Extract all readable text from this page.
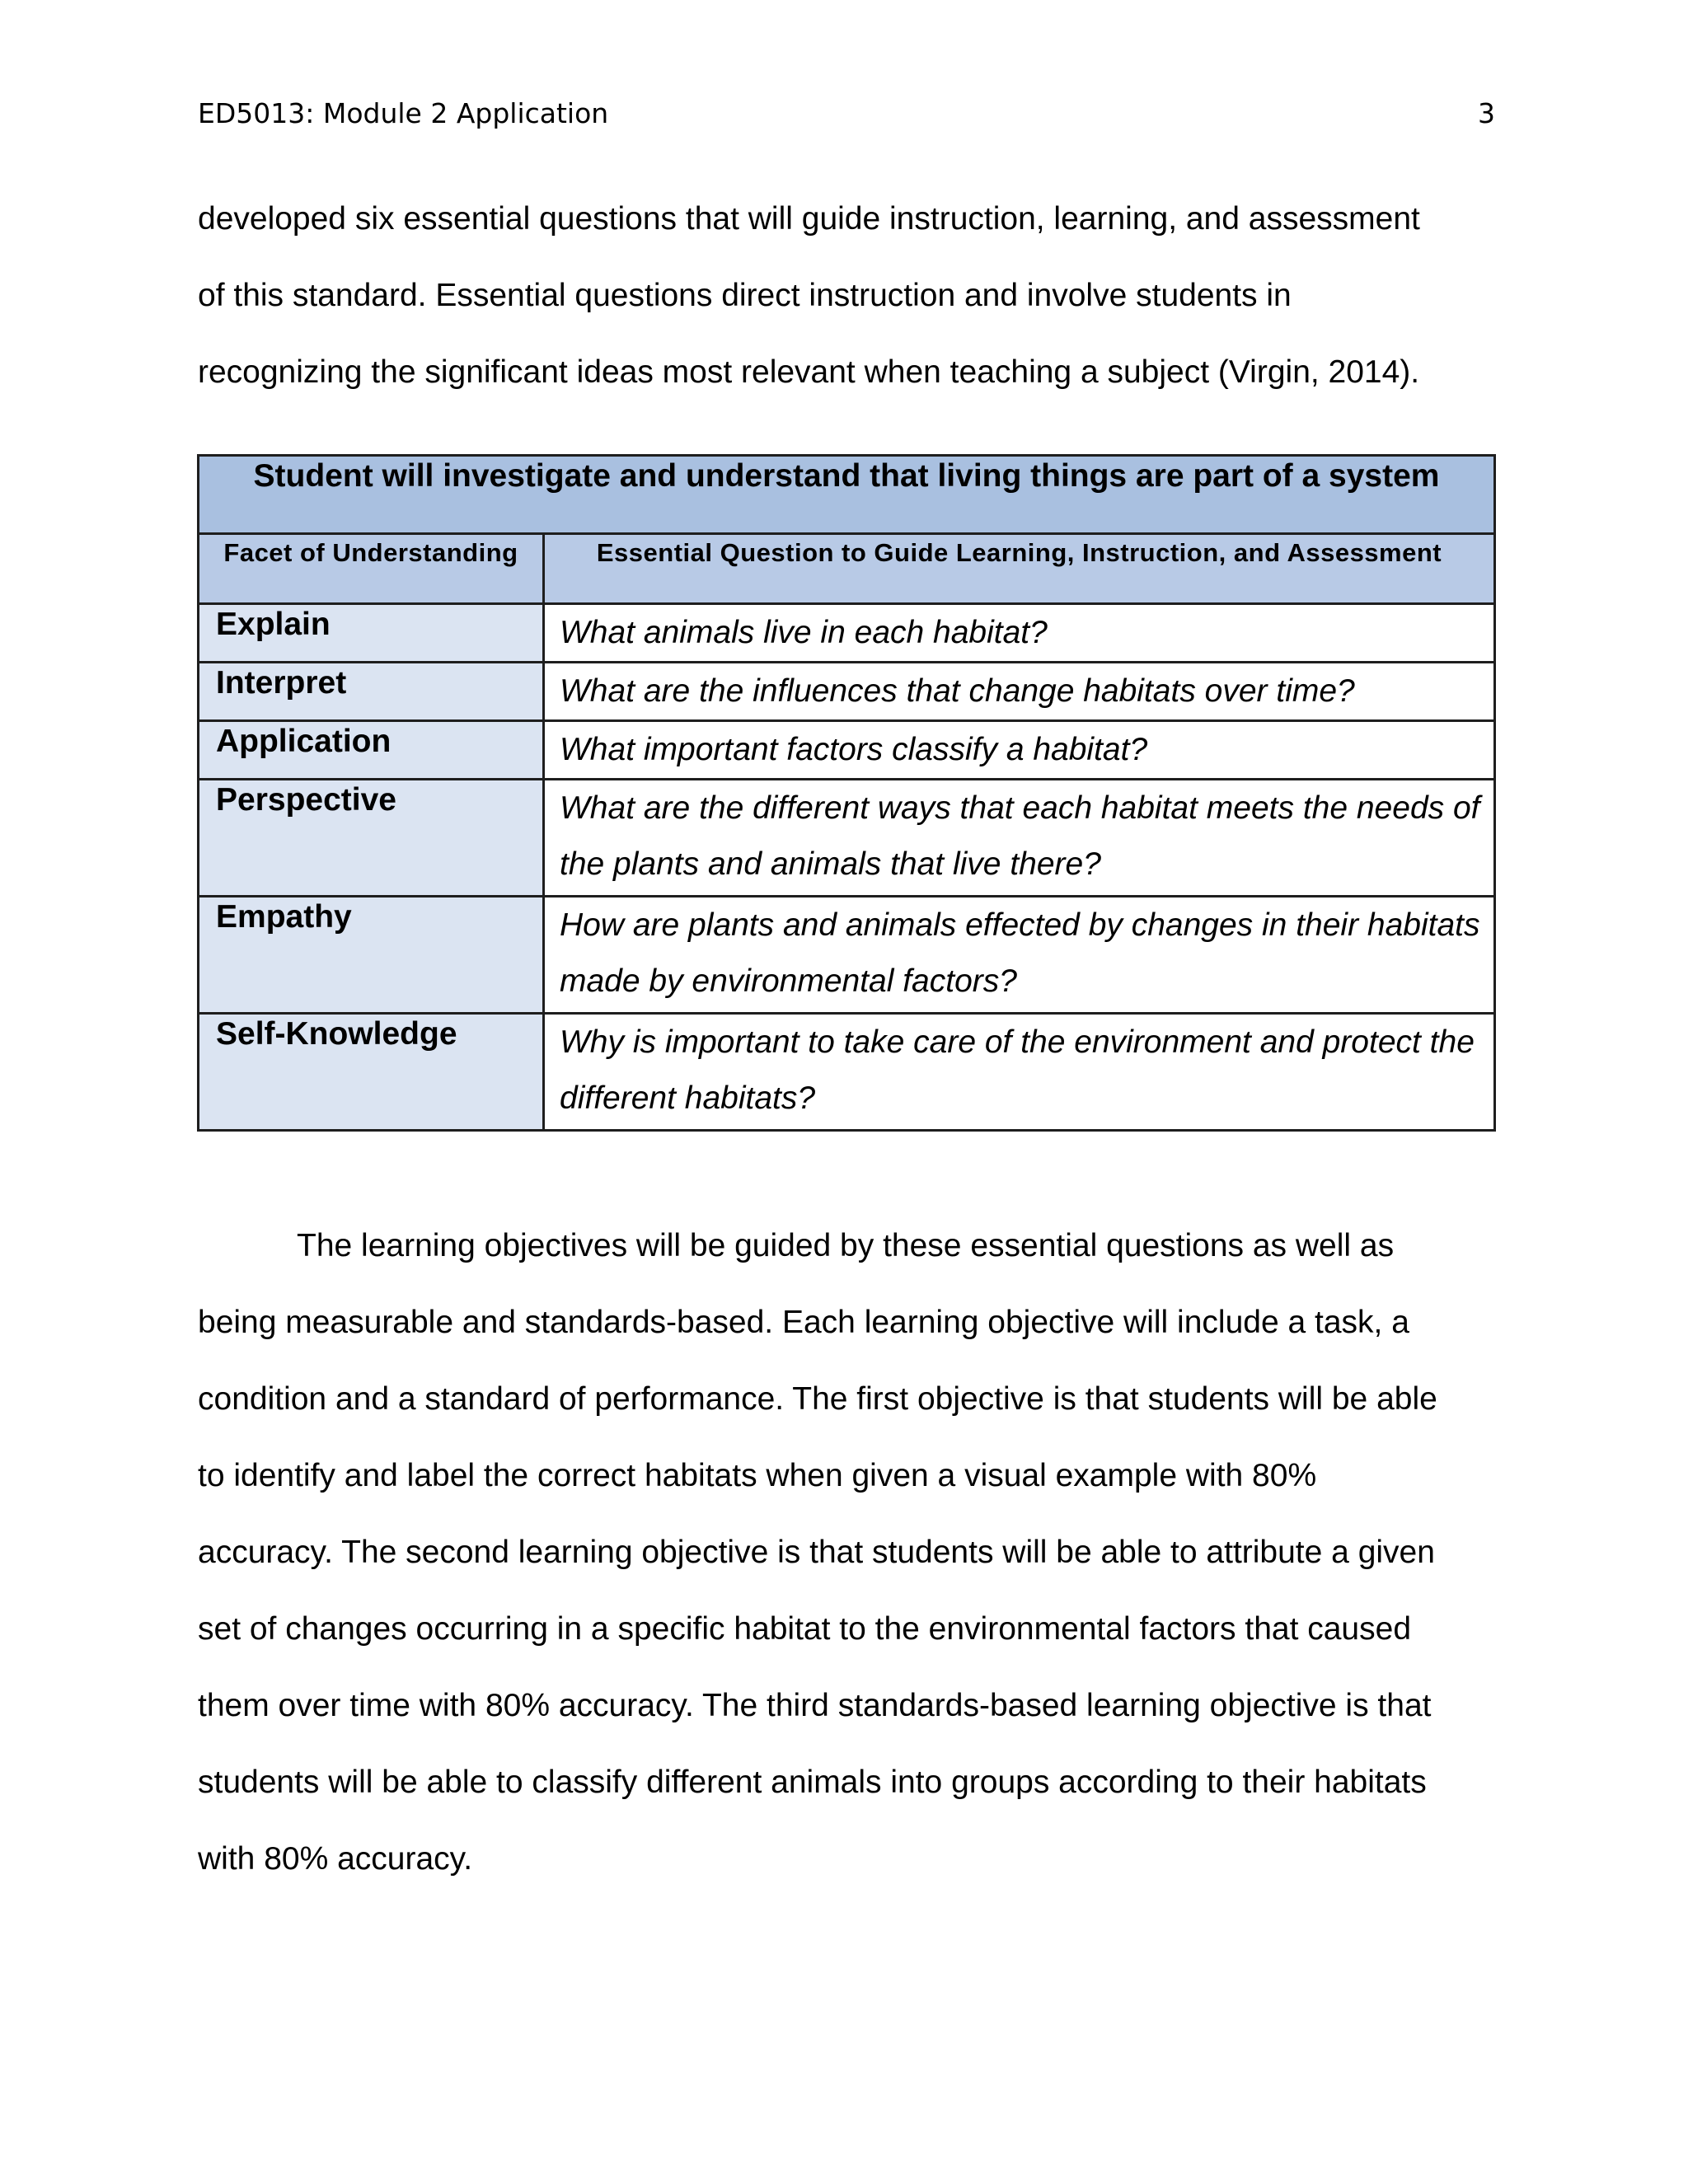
ED5013: Module 2 Application	3

developed six essential questions that will guide instruction, learning, and assessment
of this standard. Essential questions direct instruction and involve students in
recognizing the significant ideas most relevant when teaching a subject (Virgin, 2014).

Student will investigate and understand that living things are part of a system	
Facet of Understanding	Essential Question to Guide Learning, Instruction, and Assessment
Explain	What animals live in each habitat?
Interpret	What are the influences that change habitats over time?
Application	What important factors classify a habitat?
Perspective	What are the different ways that each habitat meets the needs of the plants and animals that live there?
Empathy	How are plants and animals effected by changes in their habitats made by environmental factors?
Self-Knowledge	Why is important to take care of the environment and protect the different habitats?

The learning objectives will be guided by these essential questions as well as
being measurable and standards-based. Each learning objective will include a task, a
condition and a standard of performance. The first objective is that students will be able
to identify and label the correct habitats when given a visual example with 80%
accuracy. The second learning objective is that students will be able to attribute a given
set of changes occurring in a specific habitat to the environmental factors that caused
them over time with 80% accuracy. The third standards-based learning objective is that
students will be able to classify different animals into groups according to their habitats
with 80% accuracy.
